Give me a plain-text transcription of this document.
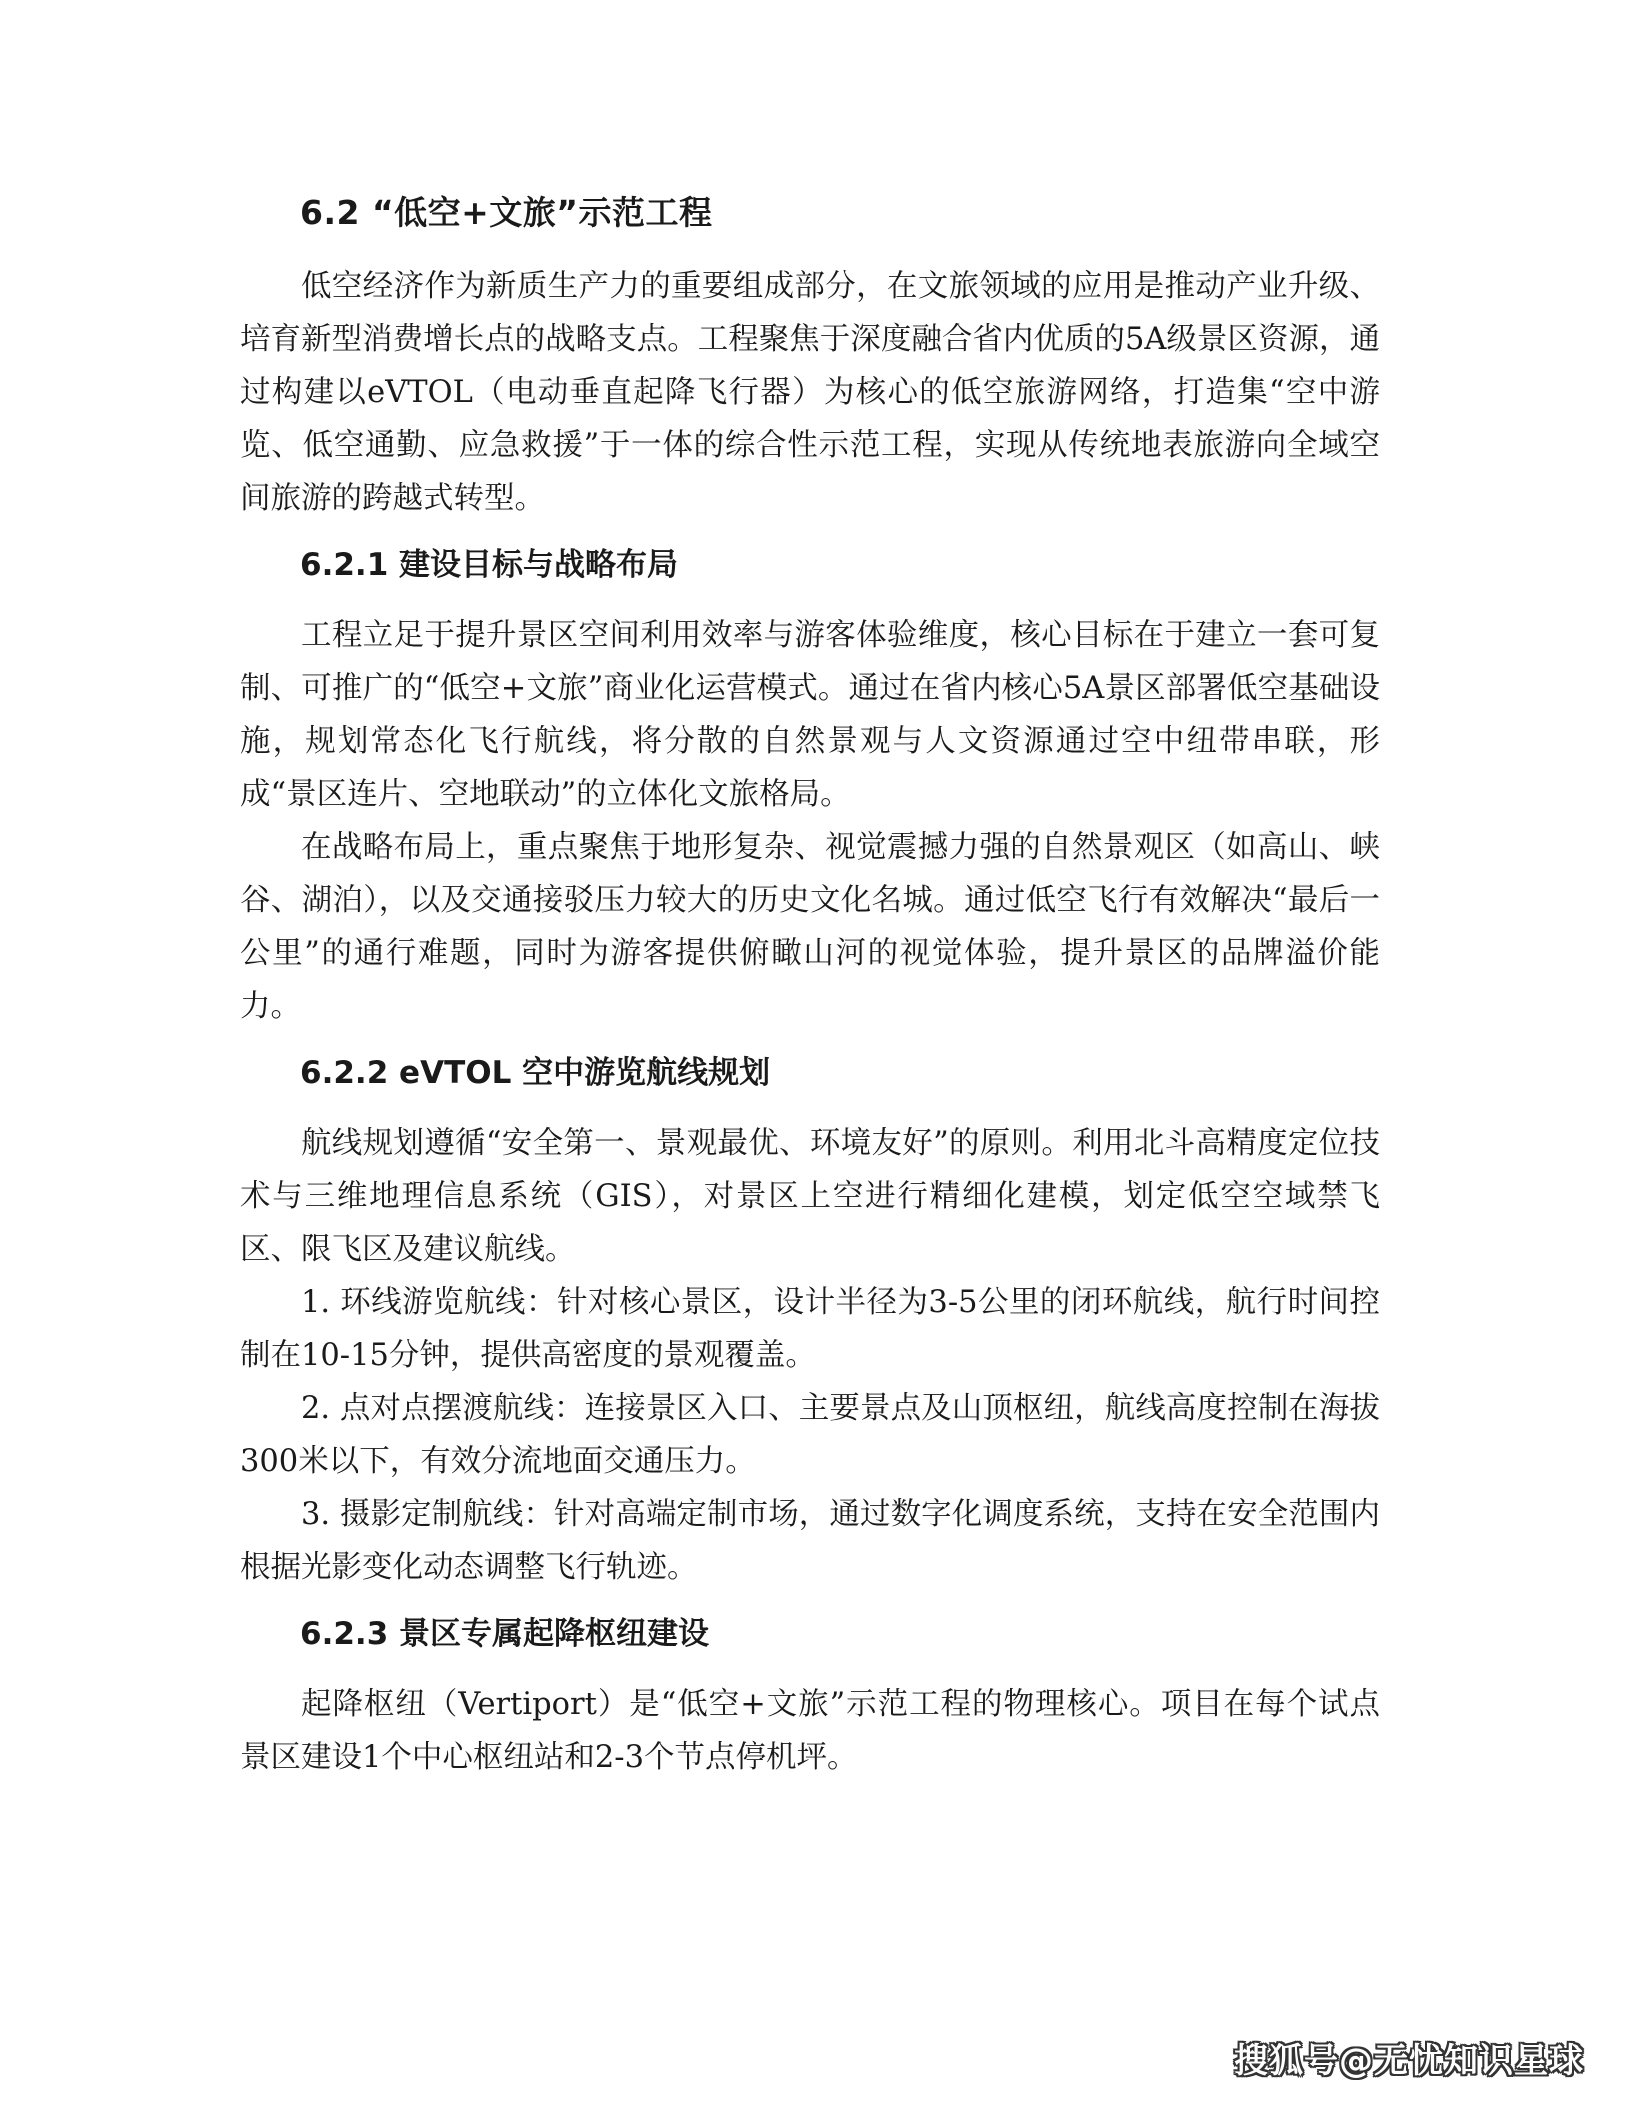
6.2 “低空+文旅”示范工程

低空经济作为新质生产力的重要组成部分，在文旅领域的应用是推动产业升级、培育新型消费增长点的战略支点。工程聚焦于深度融合省内优质的5A级景区资源，通过构建以eVTOL（电动垂直起降飞行器）为核心的低空旅游网络，打造集“空中游览、低空通勤、应急救援”于一体的综合性示范工程，实现从传统地表旅游向全域空间旅游的跨越式转型。

6.2.1 建设目标与战略布局

工程立足于提升景区空间利用效率与游客体验维度，核心目标在于建立一套可复制、可推广的“低空+文旅”商业化运营模式。通过在省内核心5A景区部署低空基础设施，规划常态化飞行航线，将分散的自然景观与人文资源通过空中纽带串联，形成“景区连片、空地联动”的立体化文旅格局。

在战略布局上，重点聚焦于地形复杂、视觉震撼力强的自然景观区（如高山、峡谷、湖泊），以及交通接驳压力较大的历史文化名城。通过低空飞行有效解决“最后一公里”的通行难题，同时为游客提供俯瞰山河的视觉体验，提升景区的品牌溢价能力。

6.2.2 eVTOL 空中游览航线规划

航线规划遵循“安全第一、景观最优、环境友好”的原则。利用北斗高精度定位技术与三维地理信息系统（GIS），对景区上空进行精细化建模，划定低空空域禁飞区、限飞区及建议航线。

1. 环线游览航线：针对核心景区，设计半径为3-5公里的闭环航线，航行时间控制在10-15分钟，提供高密度的景观覆盖。

2. 点对点摆渡航线：连接景区入口、主要景点及山顶枢纽，航线高度控制在海拔300米以下，有效分流地面交通压力。

3. 摄影定制航线：针对高端定制市场，通过数字化调度系统，支持在安全范围内根据光影变化动态调整飞行轨迹。

6.2.3 景区专属起降枢纽建设

起降枢纽（Vertiport）是“低空+文旅”示范工程的物理核心。项目在每个试点景区建设1个中心枢纽站和2-3个节点停机坪。

搜狐号@无忧知识星球
